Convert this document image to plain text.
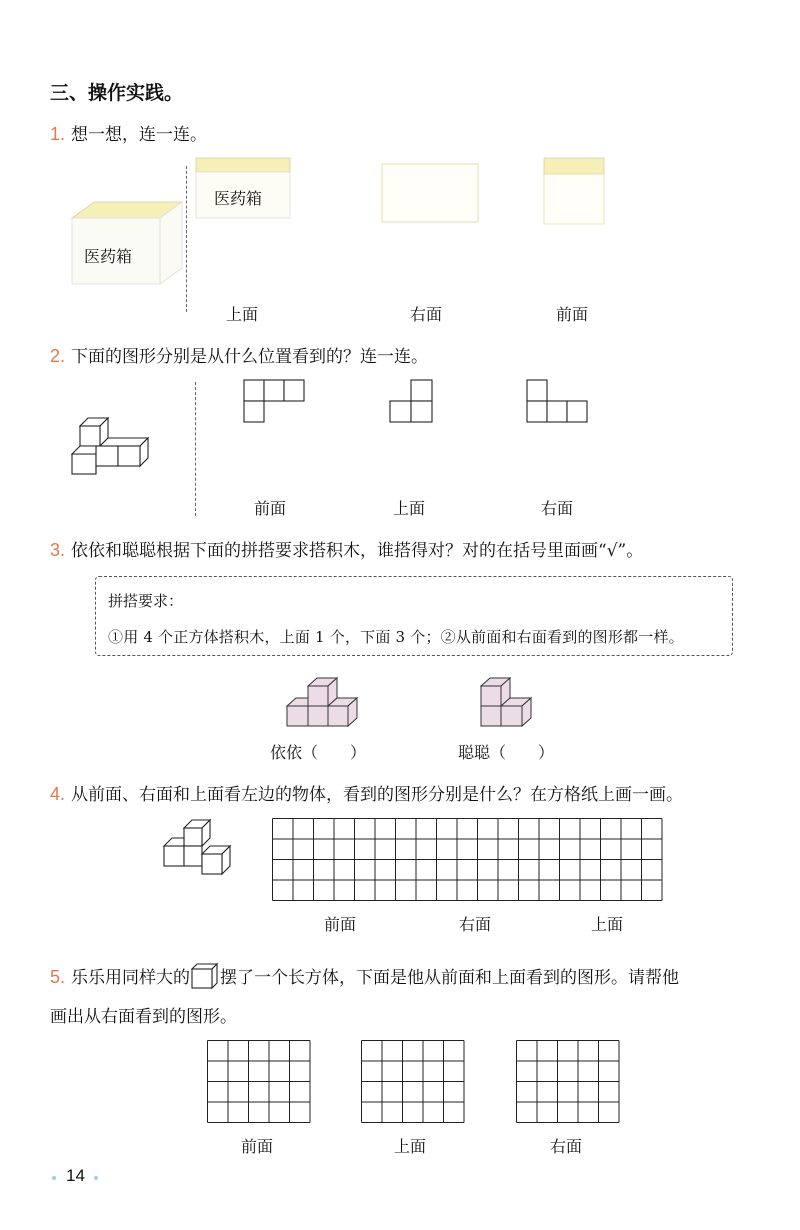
三、操作实践。
1. 想一想，连一连。
医药箱
医药箱
上面	右面	前面
2. 下面的图形分别是从什么位置看到的？连一连。
前面	上面	右面
3. 依依和聪聪根据下面的拼搭要求搭积木，谁搭得对？对的在括号里面画“√”。
拼搭要求：
①用 4 个正方体搭积木，上面 1 个，下面 3 个；②从前面和右面看到的图形都一样。
依依（　　）	聪聪（　　）
4. 从前面、右面和上面看左边的物体，看到的图形分别是什么？在方格纸上画一画。
前面	右面	上面
5. 乐乐用同样大的 摆了一个长方体，下面是他从前面和上面看到的图形。请帮他
画出从右面看到的图形。
前面	上面	右面
14
